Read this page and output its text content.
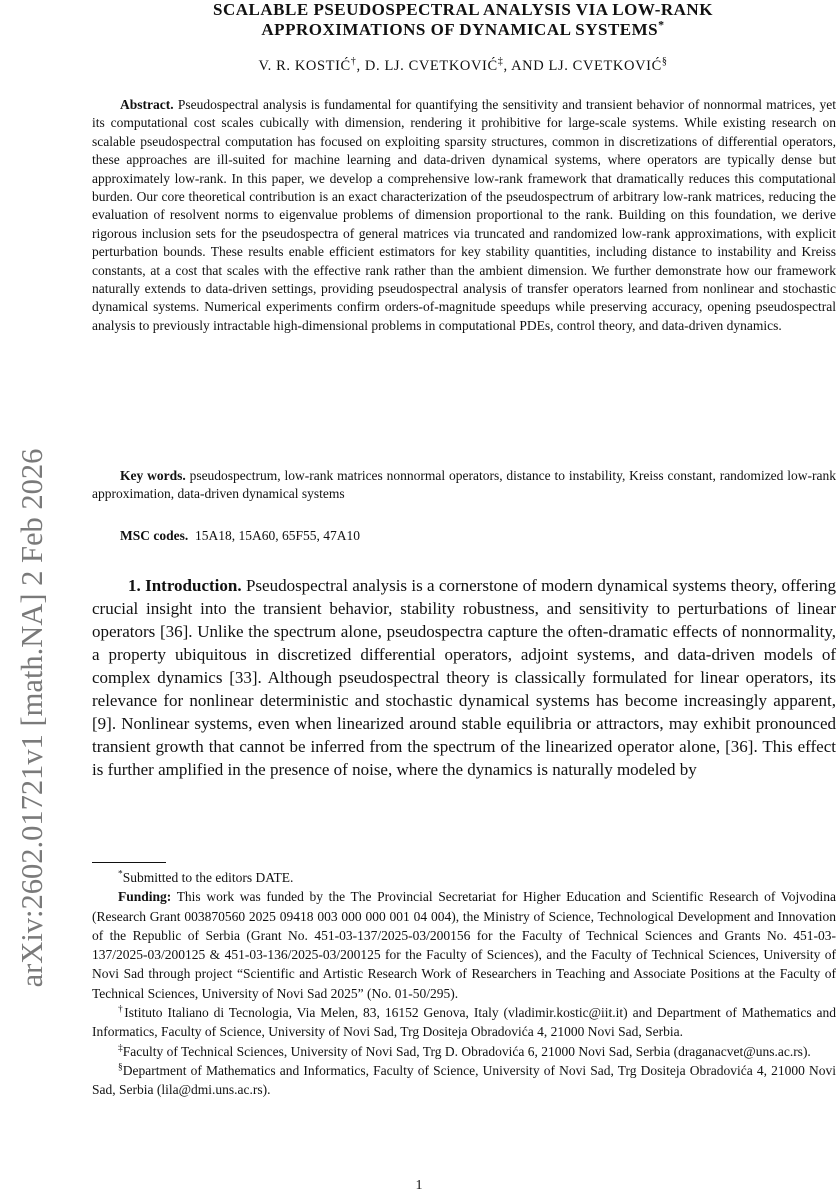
arXiv:2602.01721v1 [math.NA] 2 Feb 2026
SCALABLE PSEUDOSPECTRAL ANALYSIS VIA LOW-RANK
APPROXIMATIONS OF DYNAMICAL SYSTEMS*
V. R. KOSTIĆ†, D. LJ. CVETKOVIĆ‡, AND LJ. CVETKOVIĆ§
Abstract. Pseudospectral analysis is fundamental for quantifying the sensitivity and transient behavior of nonnormal matrices, yet its computational cost scales cubically with dimension, rendering it prohibitive for large-scale systems. While existing research on scalable pseudospectral computation has focused on exploiting sparsity structures, common in discretizations of differential operators, these approaches are ill-suited for machine learning and data-driven dynamical systems, where operators are typically dense but approximately low-rank. In this paper, we develop a comprehensive low-rank framework that dramatically reduces this computational burden. Our core theoretical contribution is an exact characterization of the pseudospectrum of arbitrary low-rank matrices, reducing the evaluation of resolvent norms to eigenvalue problems of dimension proportional to the rank. Building on this foundation, we derive rigorous inclusion sets for the pseudospectra of general matrices via truncated and randomized low-rank approximations, with explicit perturbation bounds. These results enable efficient estimators for key stability quantities, including distance to instability and Kreiss constants, at a cost that scales with the effective rank rather than the ambient dimension. We further demonstrate how our framework naturally extends to data-driven settings, providing pseudospectral analysis of transfer operators learned from nonlinear and stochastic dynamical systems. Numerical experiments confirm orders-of-magnitude speedups while preserving accuracy, opening pseudospectral analysis to previously intractable high-dimensional problems in computational PDEs, control theory, and data-driven dynamics.
Key words. pseudospectrum, low-rank matrices nonnormal operators, distance to instability, Kreiss constant, randomized low-rank approximation, data-driven dynamical systems
MSC codes. 15A18, 15A60, 65F55, 47A10
1. Introduction. Pseudospectral analysis is a cornerstone of modern dynamical systems theory, offering crucial insight into the transient behavior, stability robustness, and sensitivity to perturbations of linear operators [36]. Unlike the spectrum alone, pseudospectra capture the often-dramatic effects of nonnormality, a property ubiquitous in discretized differential operators, adjoint systems, and data-driven models of complex dynamics [33]. Although pseudospectral theory is classically formulated for linear operators, its relevance for nonlinear deterministic and stochastic dynamical systems has become increasingly apparent, [9]. Nonlinear systems, even when linearized around stable equilibria or attractors, may exhibit pronounced transient growth that cannot be inferred from the spectrum of the linearized operator alone, [36]. This effect is further amplified in the presence of noise, where the dynamics is naturally modeled by

*Submitted to the editors DATE.

Funding: This work was funded by the The Provincial Secretariat for Higher Education and Scientific Research of Vojvodina (Research Grant 003870560 2025 09418 003 000 000 001 04 004), the Ministry of Science, Technological Development and Innovation of the Republic of Serbia (Grant No. 451-03-137/2025-03/200156 for the Faculty of Technical Sciences and Grants No. 451-03-137/2025-03/200125 & 451-03-136/2025-03/200125 for the Faculty of Sciences), and the Faculty of Technical Sciences, University of Novi Sad through project “Scientific and Artistic Research Work of Researchers in Teaching and Associate Positions at the Faculty of Technical Sciences, University of Novi Sad 2025” (No. 01-50/295).

†Istituto Italiano di Tecnologia, Via Melen, 83, 16152 Genova, Italy (vladimir.kostic@iit.it) and Department of Mathematics and Informatics, Faculty of Science, University of Novi Sad, Trg Dositeja Obradovića 4, 21000 Novi Sad, Serbia.

‡Faculty of Technical Sciences, University of Novi Sad, Trg D. Obradovića 6, 21000 Novi Sad, Serbia (draganacvet@uns.ac.rs).

§Department of Mathematics and Informatics, Faculty of Science, University of Novi Sad, Trg Dositeja Obradovića 4, 21000 Novi Sad, Serbia (lila@dmi.uns.ac.rs).

1
